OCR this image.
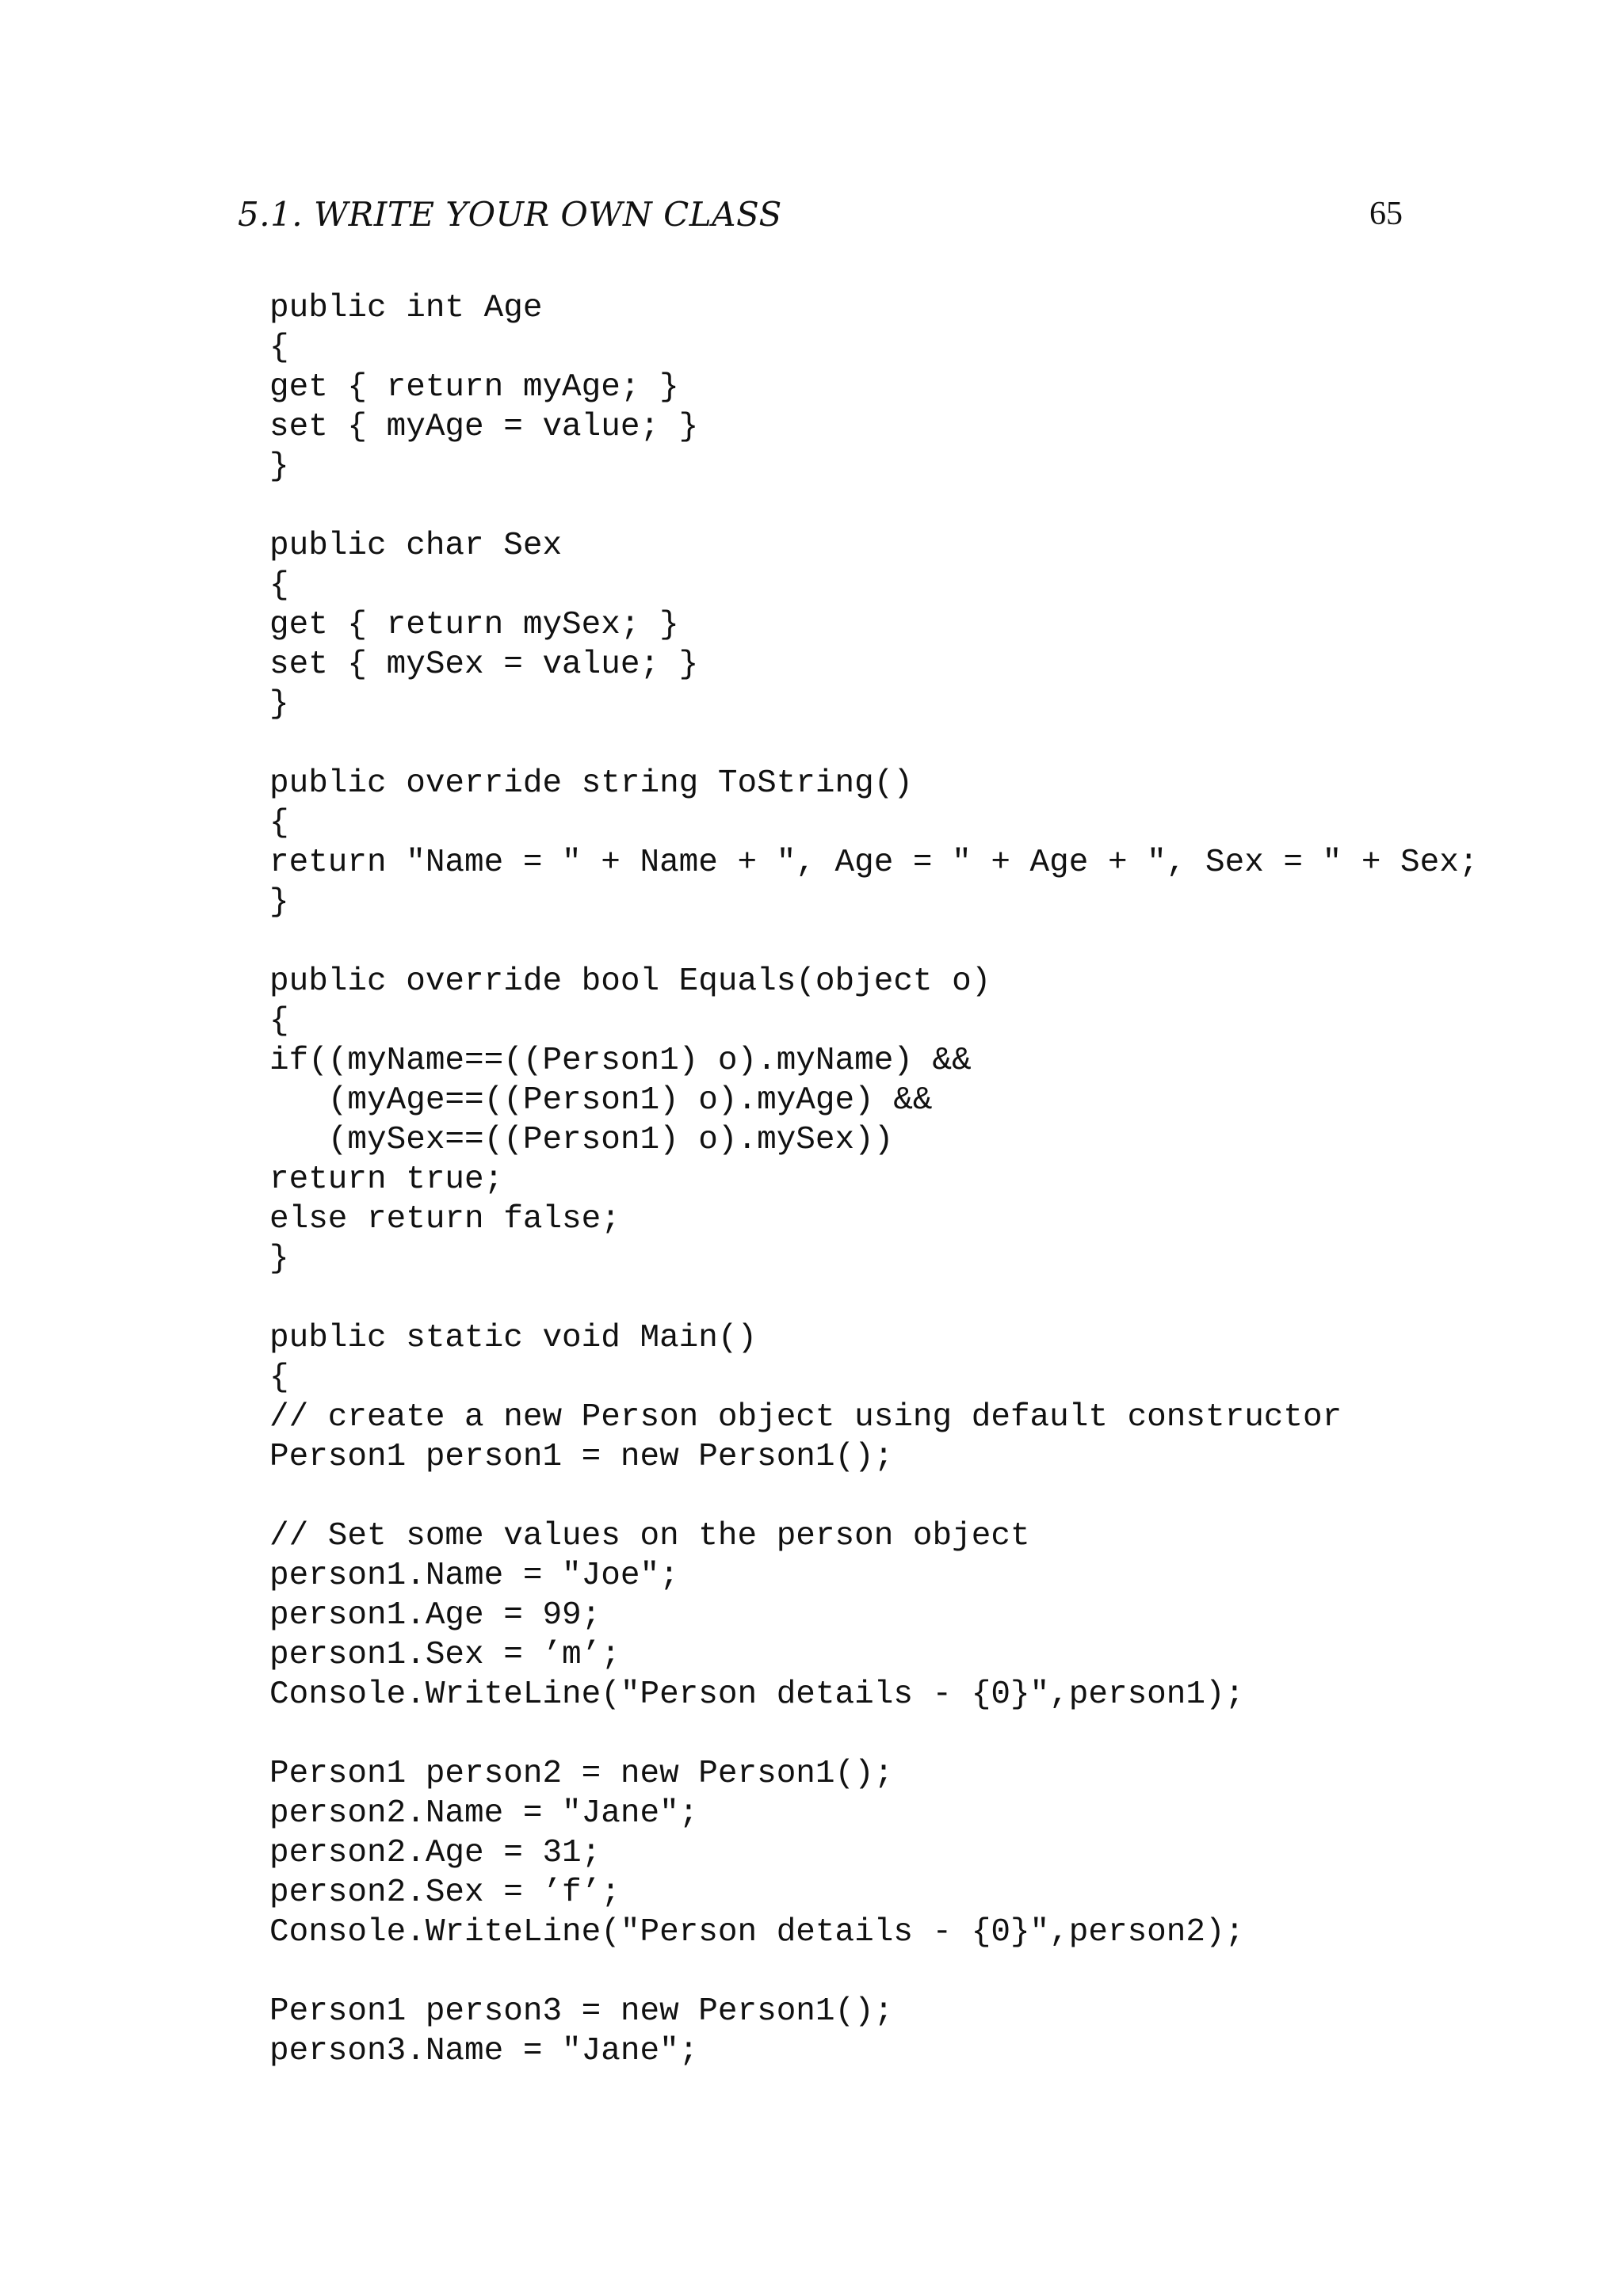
5.1. WRITE YOUR OWN CLASS	65
public int Age
{
get { return myAge; }
set { myAge = value; }
}
public char Sex
{
get { return mySex; }
set { mySex = value; }
}
public override string ToString()
{
return "Name = " + Name + ", Age = " + Age + ", Sex = " + Sex;
}
public override bool Equals(object o)
{
if((myName==((Person1) o).myName) &&
(myAge==((Person1) o).myAge) &&
(mySex==((Person1) o).mySex))
return true;
else return false;
}
public static void Main()
{
// create a new Person object using default constructor
Person1 person1 = new Person1();
// Set some values on the person object
person1.Name = "Joe";
person1.Age = 99;
person1.Sex = ’m’;
Console.WriteLine("Person details - {0}",person1);
Person1 person2 = new Person1();
person2.Name = "Jane";
person2.Age = 31;
person2.Sex = ’f’;
Console.WriteLine("Person details - {0}",person2);
Person1 person3 = new Person1();
person3.Name = "Jane";
